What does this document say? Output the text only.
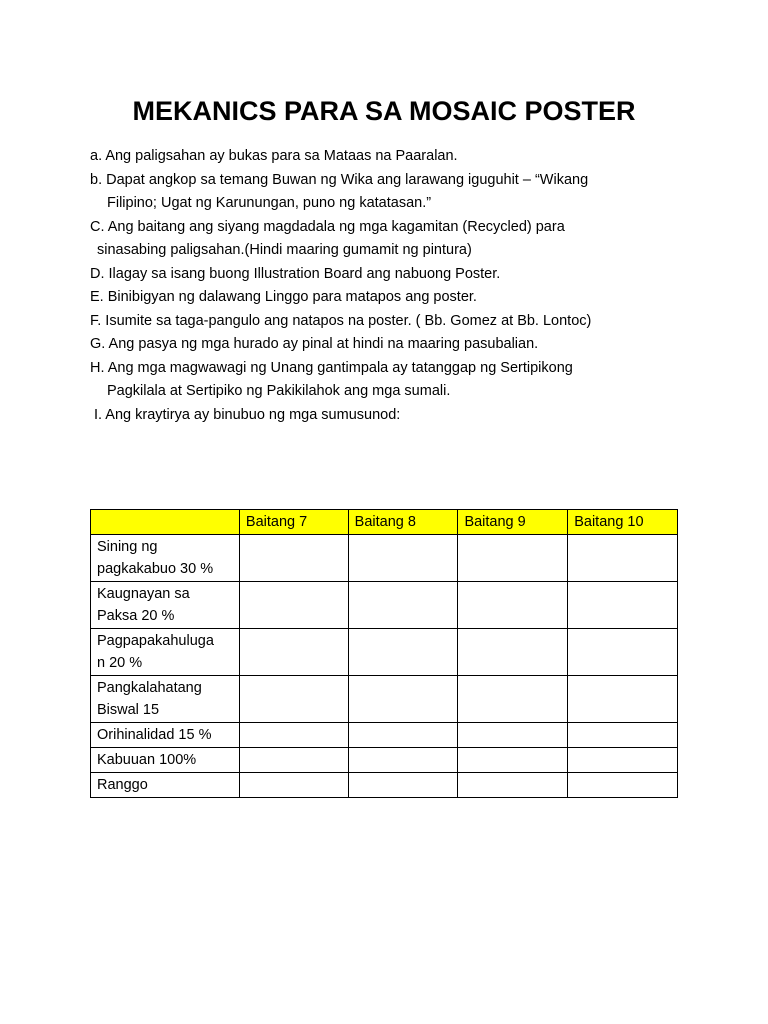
MEKANICS PARA SA MOSAIC POSTER
a. Ang paligsahan ay bukas para sa Mataas na Paaralan.
b. Dapat angkop sa temang Buwan ng Wika ang larawang iguguhit – “Wikang
Filipino; Ugat ng Karunungan, puno ng katatasan.”
C. Ang baitang ang siyang magdadala ng mga kagamitan (Recycled) para
sinasabing paligsahan.(Hindi maaring gumamit ng pintura)
D. Ilagay sa isang buong Illustration Board ang nabuong Poster.
E. Binibigyan ng dalawang Linggo para matapos ang poster.
F. Isumite sa taga-pangulo ang natapos na poster. ( Bb. Gomez at Bb. Lontoc)
G. Ang pasya ng mga hurado ay pinal at hindi na maaring pasubalian.
H. Ang mga magwawagi ng Unang gantimpala ay tatanggap ng Sertipikong
Pagkilala at Sertipiko ng Pakikilahok ang mga sumali.
I. Ang kraytirya ay binubuo ng mga sumusunod:
	Baitang 7	Baitang 8	Baitang 9	Baitang 10

Sining ng
pagkakabuo 30 %				

Kaugnayan sa
Paksa 20 %				

Pagpapakahuluga
n 20 %				

Pangkalahatang
Biswal 15				

Orihinalidad 15 %				

Kabuuan 100%				

Ranggo				
